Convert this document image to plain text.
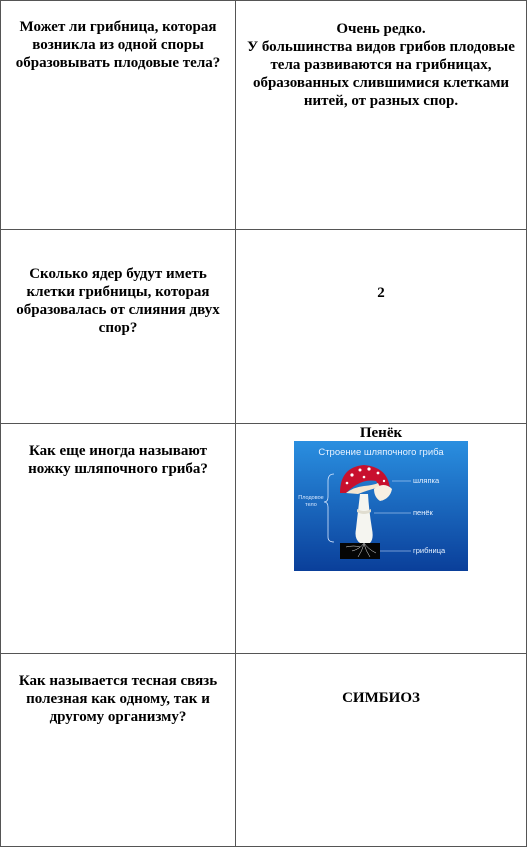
Может ли грибница, которая
возникла из одной споры
образовывать плодовые тела?
Очень редко.
У большинства видов грибов плодовые
тела развиваются на грибницах,
образованных слившимися клетками
нитей, от разных спор.
Сколько ядер будут иметь
клетки грибницы, которая
образовалась от слияния двух
спор?
2
Как еще иногда называют
ножку шляпочного гриба?
Пенёк
Строение шляпочного гриба
Плодовое
тело
шляпка
пенёк
грибница
Как называется тесная связь
полезная как одному, так и
другому организму?
СИМБИОЗ
